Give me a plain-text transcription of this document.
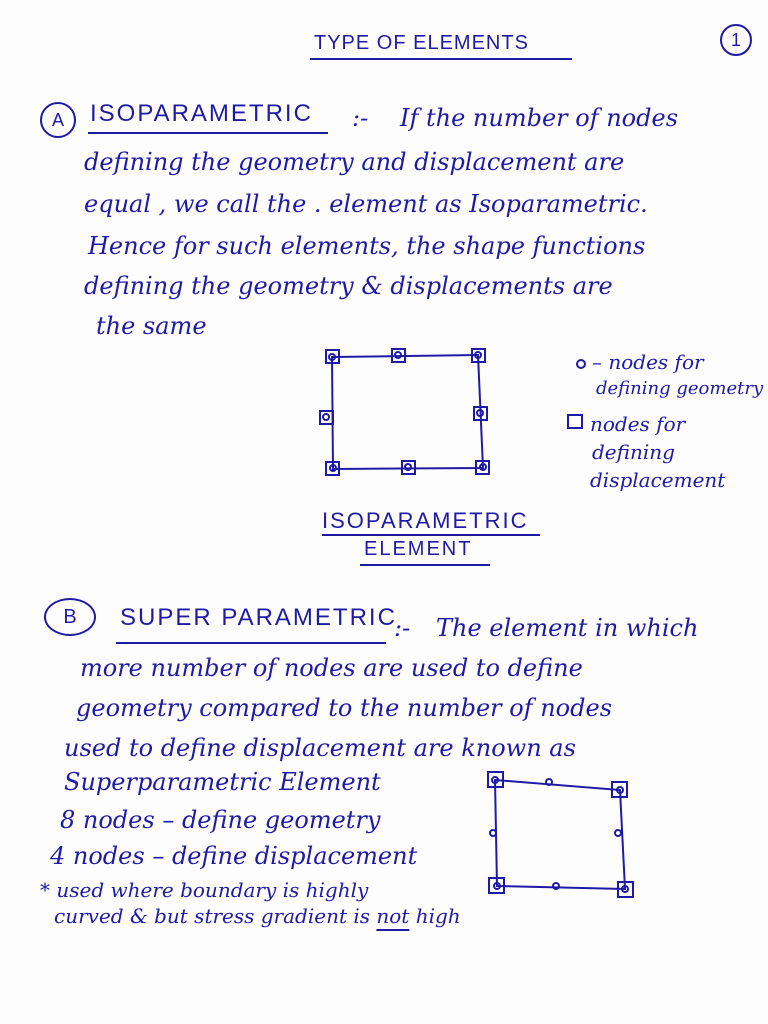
TYPE OF ELEMENTS	1
A	ISOPARAMETRIC :- If the number of nodes
defining the geometry and displacement are
equal , we call the . element as Isoparametric.
Hence for such elements, the shape functions
defining the geometry & displacements are
the same
– nodes for
defining geometry
nodes for
defining
displacement
ISOPARAMETRIC
ELEMENT
B	SUPER PARAMETRIC
:- The element in which
more number of nodes are used to define
geometry compared to the number of nodes
used to define displacement are known as
Superparametric Element
8 nodes – define geometry
4 nodes – define displacement
* used where boundary is highly
curved & but stress gradient is not high
